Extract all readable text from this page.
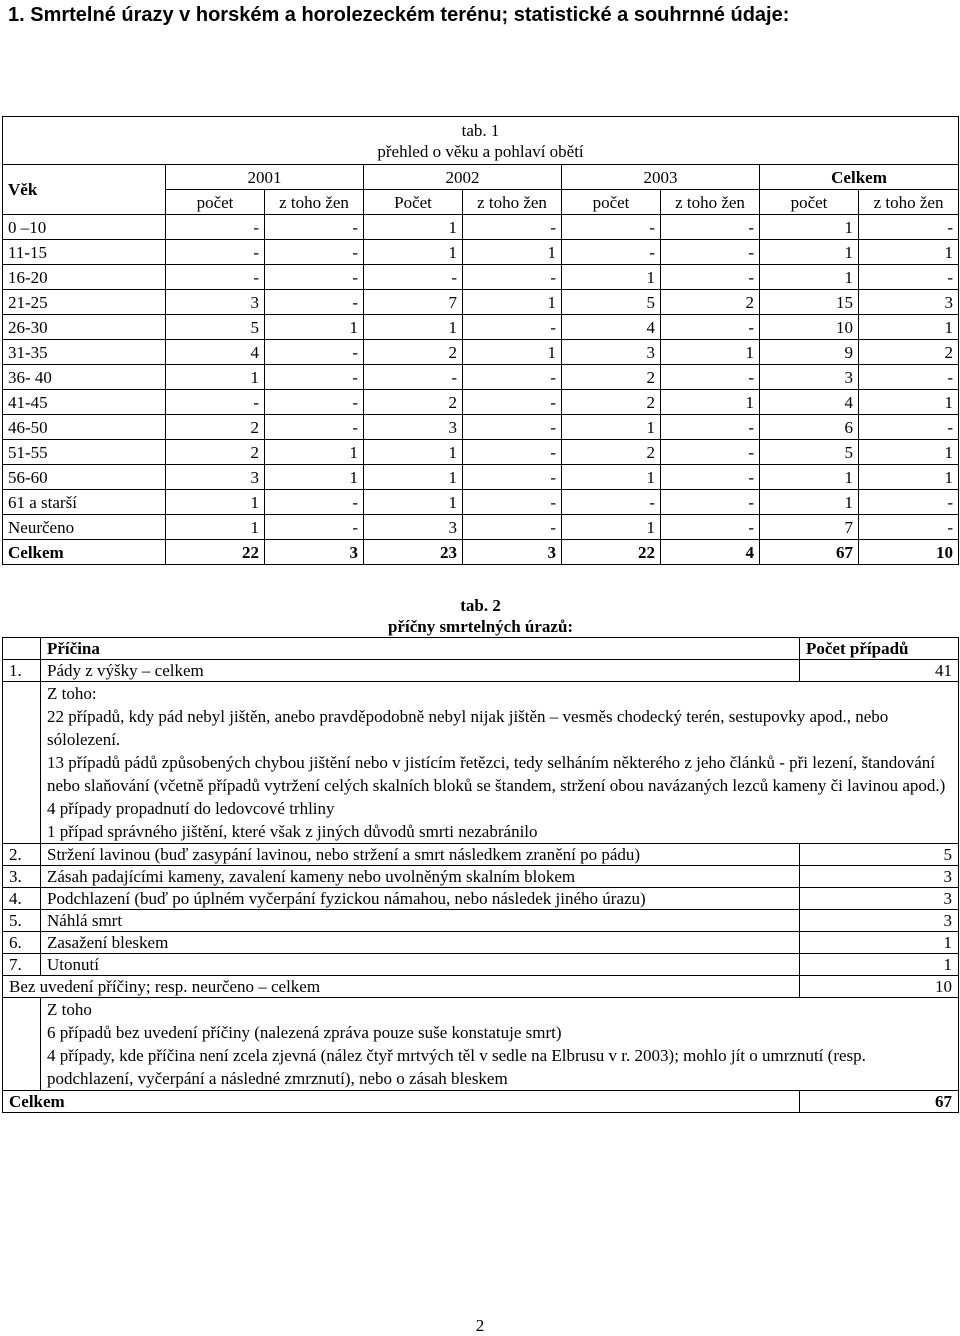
1. Smrtelné úrazy v horském a horolezeckém terénu; statistické a souhrnné údaje:
tab. 1
přehled o věku a pohlaví obětí								

Věk	2001		2002		2003		Celkem	
	počet	z toho žen	Počet	z toho žen	počet	z toho žen	počet	z toho žen
0 –10	-	-	1	-	-	-	1	-
11-15	-	-	1	1	-	-	1	1
16-20	-	-	-	-	1	-	1	-
21-25	3	-	7	1	5	2	15	3
26-30	5	1	1	-	4	-	10	1
31-35	4	-	2	1	3	1	9	2
36- 40	1	-	-	-	2	-	3	-
41-45	-	-	2	-	2	1	4	1
46-50	2	-	3	-	1	-	6	-
51-55	2	1	1	-	2	-	5	1
56-60	3	1	1	-	1	-	1	1
61 a starší	1	-	1	-	-	-	1	-
Neurčeno	1	-	3	-	1	-	7	-
Celkem	22	3	23	3	22	4	67	10
tab. 2
příčny smrtelných úrazů:		

	Příčina	Počet případů
1.	Pády z výšky – celkem	41

	Z toho:
22 případů, kdy pád nebyl jištěn, anebo pravděpodobně nebyl nijak jištěn – vesměs chodecký terén, sestupovky apod., nebo sólolezení.
13 případů pádů způsobených chybou jištění nebo v jistícím řetězci, tedy selháním některého z jeho článků - při lezení, štandování nebo slaňování (včetně případů vytržení celých skalních bloků se štandem, stržení obou navázaných lezců kameny či lavinou apod.)
4 případy propadnutí do ledovcové trhliny
1 případ správného jištění, které však z jiných důvodů smrti nezabránilo	

2.	Stržení lavinou (buď zasypání lavinou, nebo stržení a smrt následkem zranění po pádu)	5
3.	Zásah padajícími kameny, zavalení kameny nebo uvolněným skalním blokem	3
4.	Podchlazení (buď po úplném vyčerpání fyzickou námahou, nebo následek jiného úrazu)	3
5.	Náhlá smrt	3
6.	Zasažení bleskem	1
7.	Utonutí	1
Bez uvedení příčiny; resp. neurčeno – celkem		10

	Z toho
6 případů bez uvedení příčiny (nalezená zpráva pouze suše konstatuje smrt)
4 případy, kde příčina není zcela zjevná (nález čtyř mrtvých těl v sedle na Elbrusu v r. 2003); mohlo jít o umrznutí (resp. podchlazení, vyčerpání a následné zmrznutí), nebo o zásah bleskem	

Celkem		67
2
